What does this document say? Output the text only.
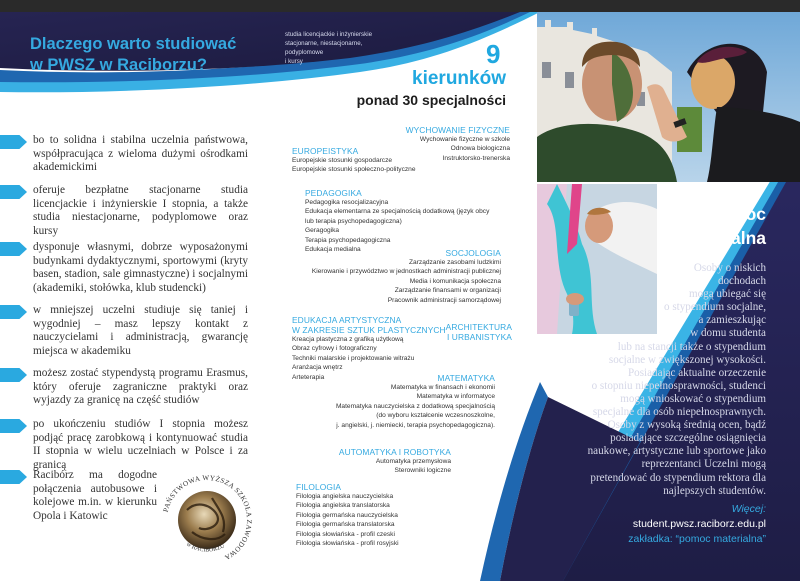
Dlaczego warto studiować
w PWSZ w Raciborzu?
studia licencjackie i inżynierskie
stacjonarne, niestacjonarne,
podyplomowe
i kursy	9
kierunków
ponad 30 specjalności
bo to solidna i stabilna uczelnia państwowa, współpracująca z wieloma dużymi ośrodkami akademickimi
oferuje bezpłatne stacjonarne studia licencjackie i inżynierskie I stopnia, a także studia niestacjonarne, podyplomowe oraz kursy
dysponuje własnymi, dobrze wyposażonymi budynkami dydaktycznymi, sportowymi (kryty basen, stadion, sale gimnastyczne) i socjalnymi (akademiki, stołówka, klub studencki)
w mniejszej uczelni studiuje się taniej i wygodniej – masz lepszy kontakt z nauczycielami i administracją, gwarancję miejsca w akademiku
możesz zostać stypendystą programu Erasmus, który oferuje zagraniczne praktyki oraz wyjazdy za granicę na część studiów
po ukończeniu studiów I stopnia możesz podjąć pracę zarobkową i kontynuować studia II stopnia w wielu uczelniach w Polsce i za granicą
Racibórz ma dogodne połączenia autobusowe i kolejowe m.in. w kierunku Opola i Katowic	PAŃSTWOWA WYŻSZA SZKOŁA ZAWODOWA
w RACIBORZU
WYCHOWANIE FIZYCZNE
Wychowanie fizyczne w szkole
Odnowa biologiczna
Instruktorsko-trenerska
EUROPEISTYKA
Europejskie stosunki gospodarcze
Europejskie stosunki społeczno-polityczne
PEDAGOGIKA
Pedagogika resocjalizacyjna
Edukacja elementarna ze specjalnością dodatkową (język obcy
lub terapia psychopedagogiczna)
Geragogika
Terapia psychopedagogiczna
Edukacja medialna	SOCJOLOGIA
Zarządzanie zasobami ludzkimi
Kierowanie i przywództwo w jednostkach administracji publicznej
Media i komunikacja społeczna
Zarządzanie finansami w organizacji
Pracownik administracji samorządowej
EDUKACJA ARTYSTYCZNA
W ZAKRESIE SZTUK PLASTYCZNYCH
Kreacja plastyczna z grafiką użytkową
Obraz cyfrowy i fotograficzny
Techniki malarskie i projektowanie witrażu
Aranżacja wnętrz
Arteterapia
ARCHITEKTURA
I URBANISTYKA
MATEMATYKA
Matematyka w finansach i ekonomii
Matematyka w informatyce
Matematyka nauczycielska z dodatkową specjalnością
(do wyboru kształcenie wczesnoszkolne,
j. angielski, j. niemiecki, terapia psychopedagogiczna).
AUTOMATYKA I ROBOTYKA
Automatyka przemysłowa
Sterowniki logiczne
FILOLOGIA
Filologia angielska nauczycielska
Filologia angielska translatorska
Filologia germańska nauczycielska
Filologia germańska translatorska
Filologia słowiańska - profil czeski
Filologia słowiańska - profil rosyjski
Pomoc
materialna
Osoby o niskich
dochodach
mogą ubiegać się
o stypendium socjalne,
a zamieszkując
w domu studenta
lub na stancji także o stypendium
socjalne w zwiększonej wysokości.
Posiadając aktualne orzeczenie
o stopniu niepełnosprawności, studenci
mogą wnioskować o stypendium
specjalne dla osób niepełnosprawnych.
Osoby z wysoką średnią ocen, bądź
posiadające szczególne osiągnięcia
naukowe, artystyczne lub sportowe jako
reprezentanci Uczelni mogą
pretendować do stypendium rektora dla
najlepszych studentów.
Więcej:
student.pwsz.raciborz.edu.pl
zakładka: “pomoc materialna”
